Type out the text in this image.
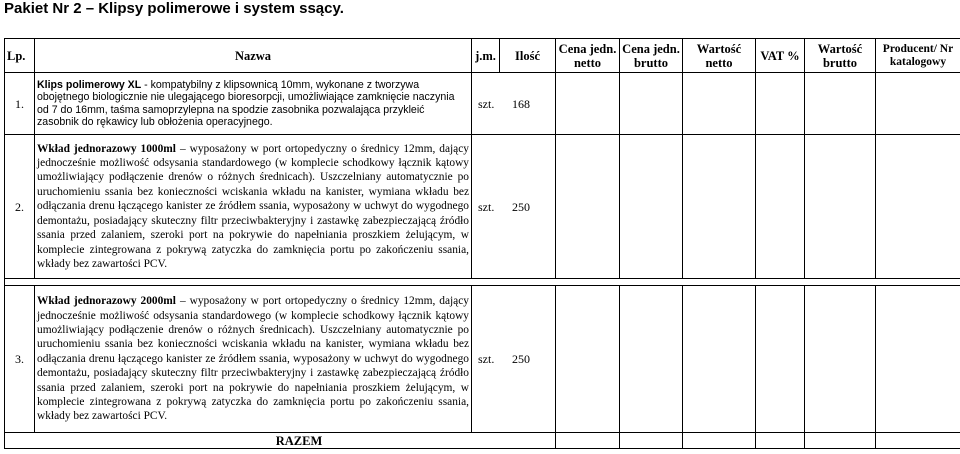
Pakiet Nr 2 – Klipsy polimerowe i system ssący.
Lp.	Nazwa	j.m.	Ilość	Cena jedn. netto	Cena jedn. brutto	Wartość netto	VAT %	Wartość brutto	Producent/ Nr katalogowy
1.	Klips polimerowy XL - kompatybilny z klipsownicą 10mm, wykonane z tworzywa obojętnego biologicznie nie ulegającego bioresorpcji, umożliwiające zamknięcie naczynia od 7 do 16mm, taśma samoprzylepna na spodzie zasobnika pozwalająca przykleić zasobnik do rękawicy lub obłożenia operacyjnego.	szt. 168							
2.	Wkład jednorazowy 1000ml – wyposażony w port ortopedyczny o średnicy 12mm, dający jednocześnie możliwość odsysania standardowego (w komplecie schodkowy łącznik kątowy umożliwiający podłączenie drenów o różnych średnicach). Uszczelniany automatycznie po uruchomieniu ssania bez konieczności wciskania wkładu na kanister, wymiana wkładu bez odłączania drenu łączącego kanister ze źródłem ssania, wyposażony w uchwyt do wygodnego demontażu, posiadający skuteczny filtr przeciwbakteryjny i zastawkę zabezpieczającą źródło ssania przed zalaniem, szeroki port na pokrywie do napełniania proszkiem żelującym, w komplecie zintegrowana z pokrywą zatyczka do zamknięcia portu po zakończeniu ssania, wkłady bez zawartości PCV.	szt. 250							

3.	Wkład jednorazowy 2000ml – wyposażony w port ortopedyczny o średnicy 12mm, dający jednocześnie możliwość odsysania standardowego (w komplecie schodkowy łącznik kątowy umożliwiający podłączenie drenów o różnych średnicach). Uszczelniany automatycznie po uruchomieniu ssania bez konieczności wciskania wkładu na kanister, wymiana wkładu bez odłączania drenu łączącego kanister ze źródłem ssania, wyposażony w uchwyt do wygodnego demontażu, posiadający skuteczny filtr przeciwbakteryjny i zastawkę zabezpieczającą źródło ssania przed zalaniem, szeroki port na pokrywie do napełniania proszkiem żelującym, w komplecie zintegrowana z pokrywą zatyczka do zamknięcia portu po zakończeniu ssania, wkłady bez zawartości PCV.	szt. 250							
RAZEM									
